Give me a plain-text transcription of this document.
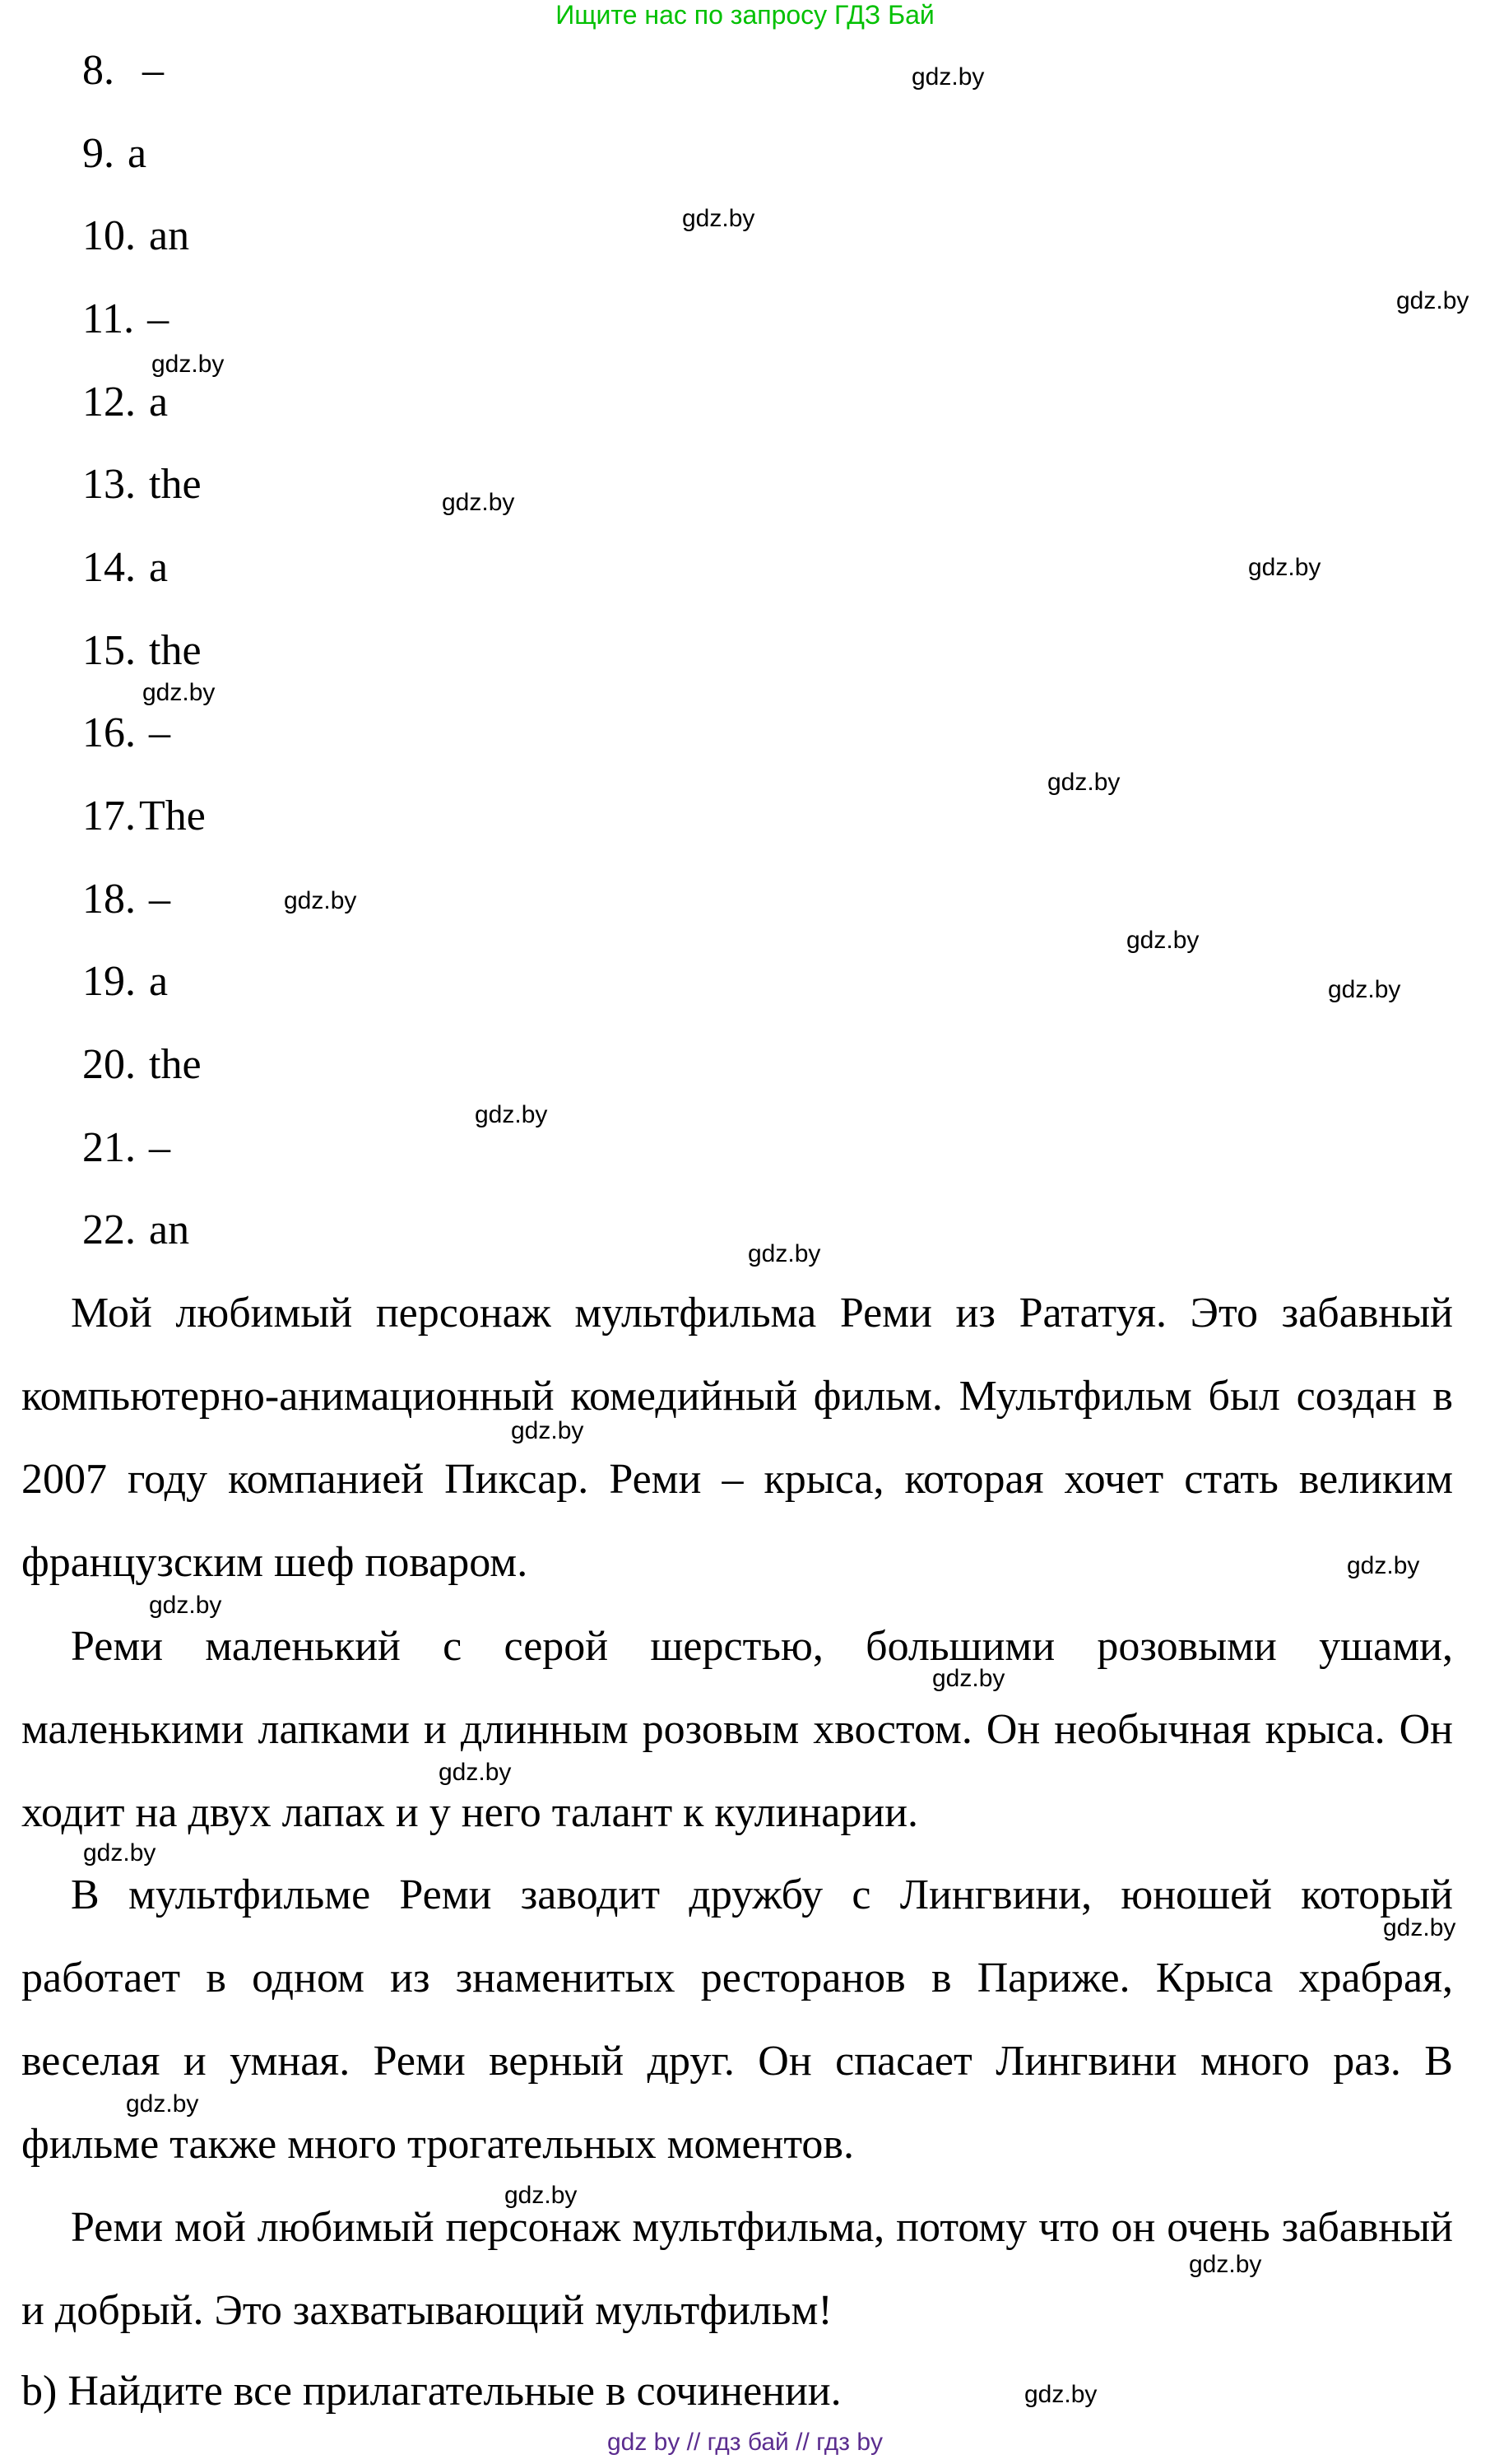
Ищите нас по запросу ГДЗ Бай
8. –
9. a
10. an
11. –
12. a
13. the
14. a
15. the
16. –
17.The
18. –
19. a
20. the
21. –
22. an

Мой любимый персонаж мультфильма Реми из Рататуя. Это забавный компьютерно-анимационный комедийный фильм. Мультфильм был создан в 2007 году компанией Пиксар. Реми – крыса, которая хочет стать великим французским шеф поваром.

Реми маленький с серой шерстью, большими розовыми ушами, маленькими лапками и длинным розовым хвостом. Он необычная крыса. Он ходит на двух лапах и у него талант к кулинарии.

В мультфильме Реми заводит дружбу с Лингвини, юношей который работает в одном из знаменитых ресторанов в Париже. Крыса храбрая, веселая и умная. Реми верный друг. Он спасает Лингвини много раз. В фильме также много трогательных моментов.

Реми мой любимый персонаж мультфильма, потому что он очень забавный и добрый. Это захватывающий мультфильм!

b) Найдите все прилагательные в сочинении.

gdz.by
gdz.by
gdz.by
gdz.by
gdz.by
gdz.by
gdz.by
gdz.by
gdz.by
gdz.by
gdz.by
gdz.by
gdz.by
gdz.by
gdz.by
gdz.by
gdz.by
gdz.by
gdz.by
gdz.by
gdz.by
gdz.by
gdz.by
gdz.by
gdz by // гдз бай // гдз by
